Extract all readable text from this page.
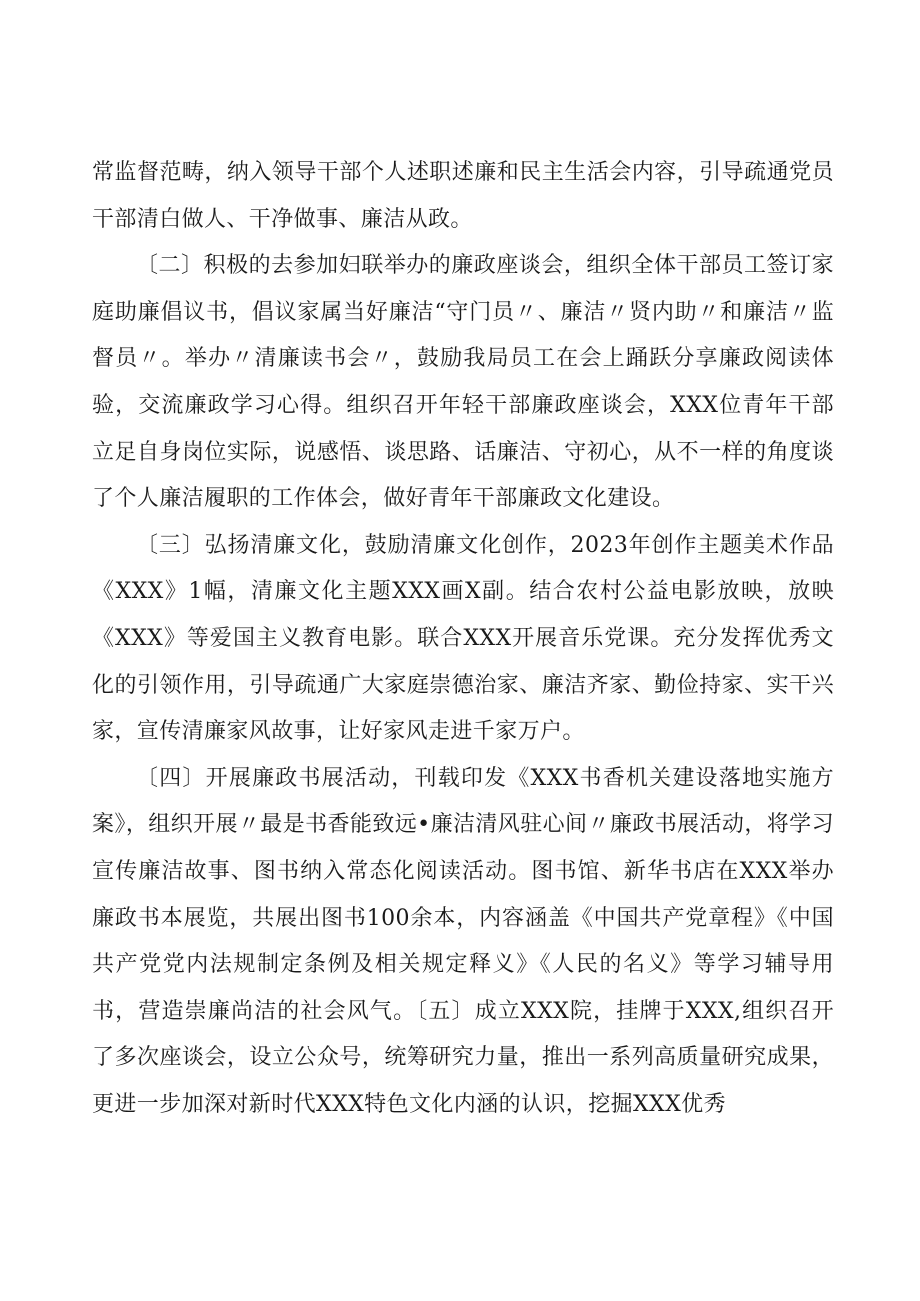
常监督范畴，纳入领导干部个人述职述廉和民主生活会内容，引导疏通党员干部清白做人、干净做事、廉洁从政。

〔二〕积极的去参加妇联举办的廉政座谈会，组织全体干部员工签订家庭助廉倡议书，倡议家属当好廉洁“守门员〃、廉洁〃贤内助〃和廉洁〃监督员〃。举办〃清廉读书会〃，鼓励我局员工在会上踊跃分享廉政阅读体验，交流廉政学习心得。组织召开年轻干部廉政座谈会，XXX位青年干部立足自身岗位实际，说感悟、谈思路、话廉洁、守初心，从不一样的角度谈了个人廉洁履职的工作体会，做好青年干部廉政文化建设。

〔三〕弘扬清廉文化，鼓励清廉文化创作，2023年创作主题美术作品《XXX》1幅，清廉文化主题XXX画X副。结合农村公益电影放映，放映《XXX》等爱国主义教育电影。联合XXX开展音乐党课。充分发挥优秀文化的引领作用，引导疏通广大家庭崇德治家、廉洁齐家、勤俭持家、实干兴家，宣传清廉家风故事，让好家风走进千家万户。

〔四〕开展廉政书展活动，刊载印发《XXX书香机关建设落地实施方案》，组织开展〃最是书香能致远•廉洁清风驻心间〃廉政书展活动，将学习宣传廉洁故事、图书纳入常态化阅读活动。图书馆、新华书店在XXX举办廉政书本展览，共展出图书100余本，内容涵盖《中国共产党章程》《中国共产党党内法规制定条例及相关规定释义》《人民的名义》等学习辅导用书，营造崇廉尚洁的社会风气。〔五〕成立XXX院，挂牌于XXX,组织召开了多次座谈会，设立公众号，统筹研究力量，推出一系列高质量研究成果，更进一步加深对新时代XXX特色文化内涵的认识，挖掘XXX优秀
